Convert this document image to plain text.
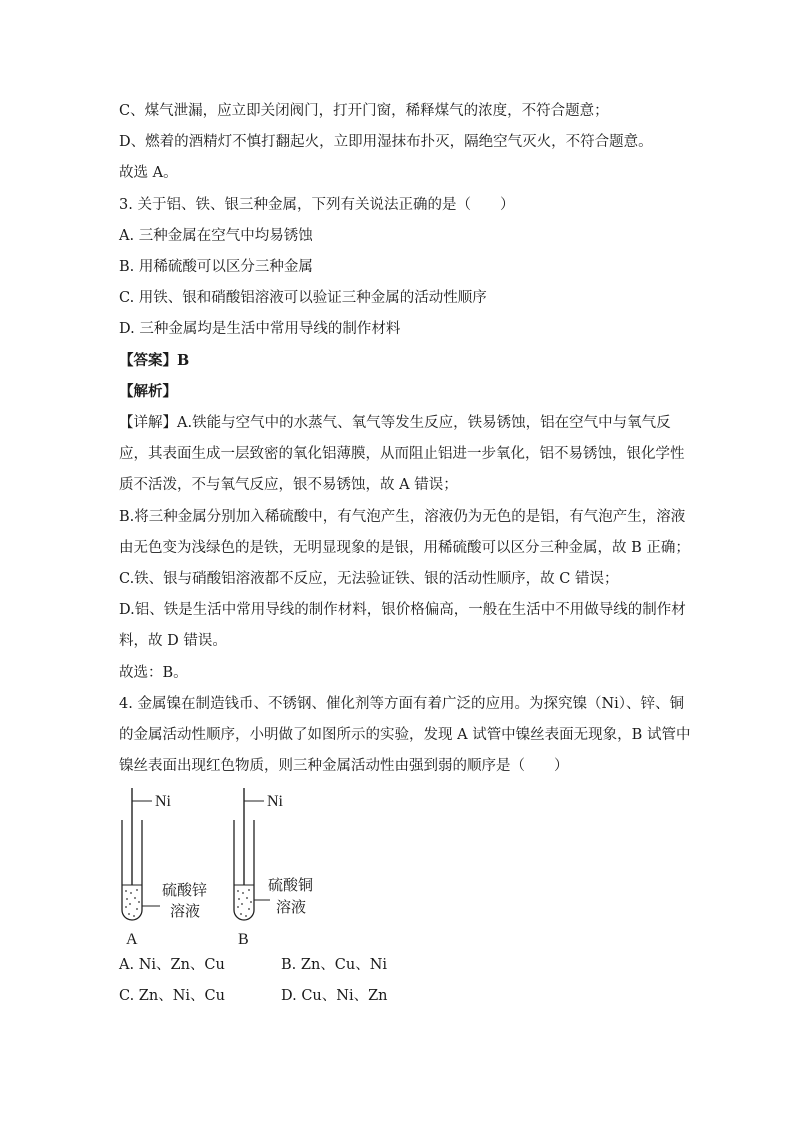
C、煤气泄漏，应立即关闭阀门，打开门窗，稀释煤气的浓度，不符合题意；
D、燃着的酒精灯不慎打翻起火，立即用湿抹布扑灭，隔绝空气灭火，不符合题意。
故选 A。
3. 关于铝、铁、银三种金属，下列有关说法正确的是（　　）
A. 三种金属在空气中均易锈蚀
B. 用稀硫酸可以区分三种金属
C. 用铁、银和硝酸铝溶液可以验证三种金属的活动性顺序
D. 三种金属均是生活中常用导线的制作材料
【答案】B
【解析】
【详解】A.铁能与空气中的水蒸气、氧气等发生反应，铁易锈蚀，铝在空气中与氧气反
应，其表面生成一层致密的氧化铝薄膜，从而阻止铝进一步氧化，铝不易锈蚀，银化学性
质不活泼，不与氧气反应，银不易锈蚀，故 A 错误；
B.将三种金属分别加入稀硫酸中，有气泡产生，溶液仍为无色的是铝，有气泡产生，溶液
由无色变为浅绿色的是铁，无明显现象的是银，用稀硫酸可以区分三种金属，故 B 正确；
C.铁、银与硝酸铝溶液都不反应，无法验证铁、银的活动性顺序，故 C 错误；
D.铝、铁是生活中常用导线的制作材料，银价格偏高，一般在生活中不用做导线的制作材
料，故 D 错误。
故选：B。
4. 金属镍在制造钱币、不锈钢、催化剂等方面有着广泛的应用。为探究镍（Ni）、锌、铜
的金属活动性顺序，小明做了如图所示的实验，发现 A 试管中镍丝表面无现象，B 试管中
镍丝表面出现红色物质，则三种金属活动性由强到弱的顺序是（　　）
Ni
硫酸锌
溶液
A
Ni
硫酸铜
溶液
B
A. Ni、Zn、Cu	B. Zn、Cu、Ni
C. Zn、Ni、Cu	D. Cu、Ni、Zn
